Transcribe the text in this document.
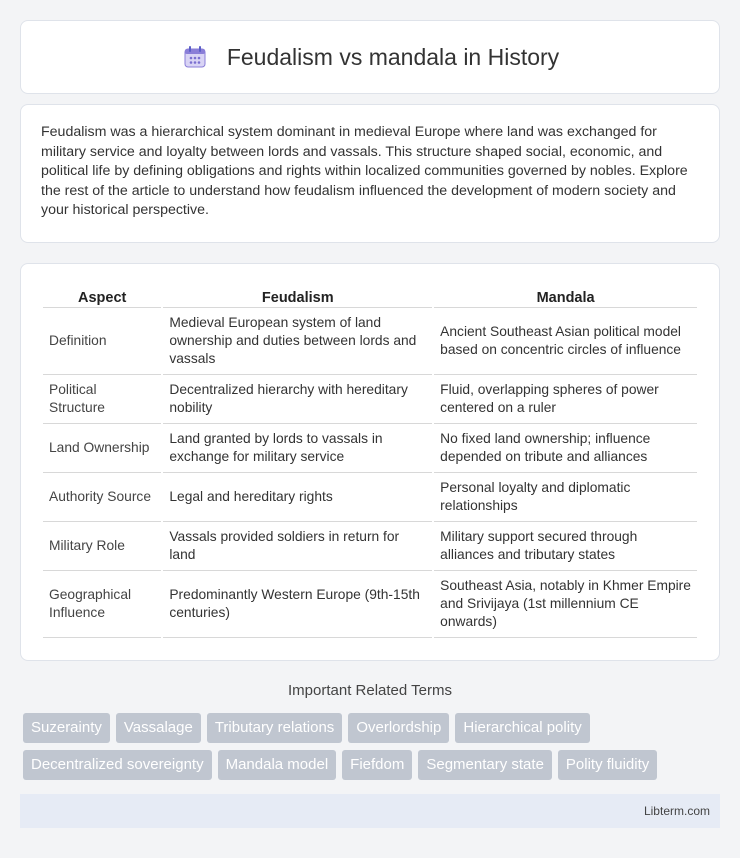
Feudalism vs mandala in History

Feudalism was a hierarchical system dominant in medieval Europe where land was exchanged for military service and loyalty between lords and vassals. This structure shaped social, economic, and political life by defining obligations and rights within localized communities governed by nobles. Explore the rest of the article to understand how feudalism influenced the development of modern society and your historical perspective.

Aspect	Feudalism	Mandala
Definition	Medieval European system of land ownership and duties between lords and vassals	Ancient Southeast Asian political model based on concentric circles of influence
Political Structure	Decentralized hierarchy with hereditary nobility	Fluid, overlapping spheres of power centered on a ruler
Land Ownership	Land granted by lords to vassals in exchange for military service	No fixed land ownership; influence depended on tribute and alliances
Authority Source	Legal and hereditary rights	Personal loyalty and diplomatic relationships
Military Role	Vassals provided soldiers in return for land	Military support secured through alliances and tributary states
Geographical Influence	Predominantly Western Europe (9th-15th centuries)	Southeast Asia, notably in Khmer Empire and Srivijaya (1st millennium CE onwards)
Important Related Terms
Suzerainty	Vassalage	Tributary relations	Overlordship	Hierarchical polity
Decentralized sovereignty	Mandala model	Fiefdom	Segmentary state	Polity fluidity
Libterm.com
